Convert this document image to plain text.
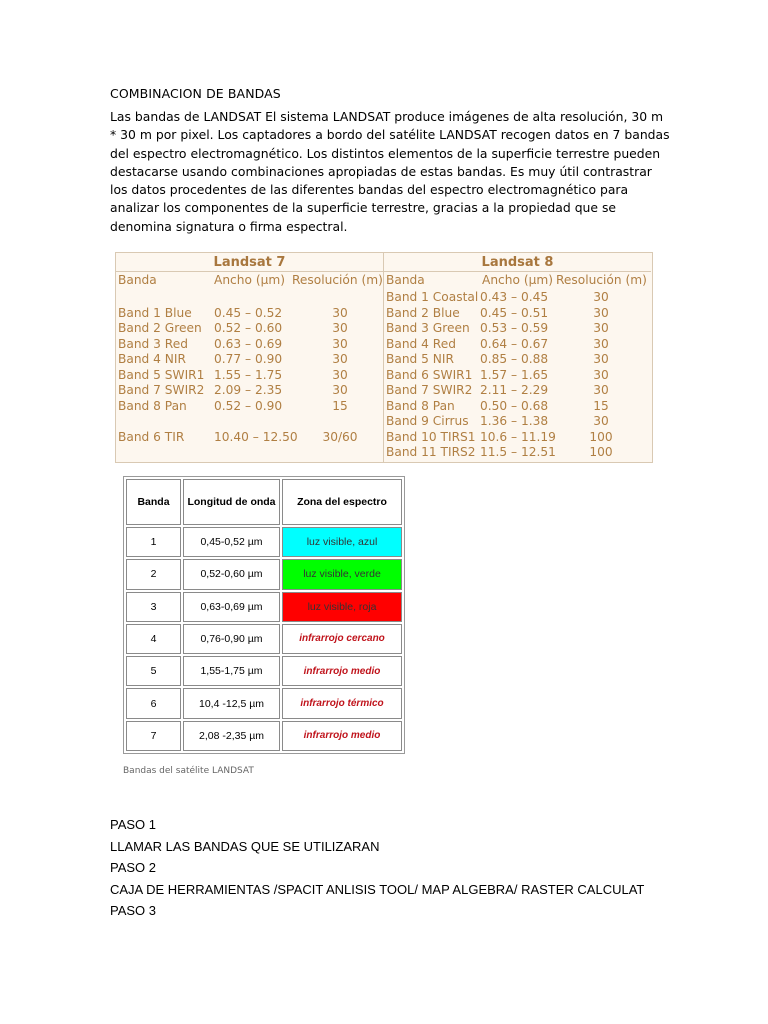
COMBINACION DE BANDAS
Las bandas de LANDSAT El sistema LANDSAT produce imágenes de alta resolución, 30 m * 30 m por pixel. Los captadores a bordo del satélite LANDSAT recogen datos en 7 bandas del espectro electromagnético. Los distintos elementos de la superficie terrestre pueden destacarse usando combinaciones apropiadas de estas bandas. Es muy útil contrastrar los datos procedentes de las diferentes bandas del espectro electromagnético para analizar los componentes de la superficie terrestre, gracias a la propiedad que se denomina signatura o firma espectral.
Landsat 7
Banda	Ancho (µm) Resolución (m)
Band 1 Blue 0.45 – 0.52	30
Band 2 Green 0.52 – 0.60	30
Band 3 Red 0.63 – 0.69	30
Band 4 NIR 0.77 – 0.90	30
Band 5 SWIR1 1.55 – 1.75	30
Band 7 SWIR2 2.09 – 2.35	30
Band 8 Pan 0.52 – 0.90	15
Band 6 TIR 10.40 – 12.50	30/60
Landsat 8
Banda	Ancho (µm) Resolución (m)
Band 1 Coastal 0.43 – 0.45	30
Band 2 Blue 0.45 – 0.51	30
Band 3 Green 0.53 – 0.59	30
Band 4 Red 0.64 – 0.67	30
Band 5 NIR 0.85 – 0.88	30
Band 6 SWIR1 1.57 – 1.65	30
Band 7 SWIR2 2.11 – 2.29	30
Band 8 Pan 0.50 – 0.68	15
Band 9 Cirrus 1.36 – 1.38	30
Band 10 TIRS1 10.6 – 11.19	100
Band 11 TIRS2 11.5 – 12.51	100
Banda	Longitud de onda	Zona del espectro
1	0,45-0,52 µm	luz visible, azul
2	0,52-0,60 µm	luz visible, verde
3	0,63-0,69 µm	luz visible, roja
4	0,76-0,90 µm	infrarrojo cercano
5	1,55-1,75 µm	infrarrojo medio
6	10,4 -12,5 µm	infrarrojo térmico
7	2,08 -2,35 µm	infrarrojo medio
Bandas del satélite LANDSAT
PASO 1
LLAMAR LAS BANDAS QUE SE UTILIZARAN
PASO 2
CAJA DE HERRAMIENTAS /SPACIT ANLISIS TOOL/ MAP ALGEBRA/ RASTER CALCULAT
PASO 3
